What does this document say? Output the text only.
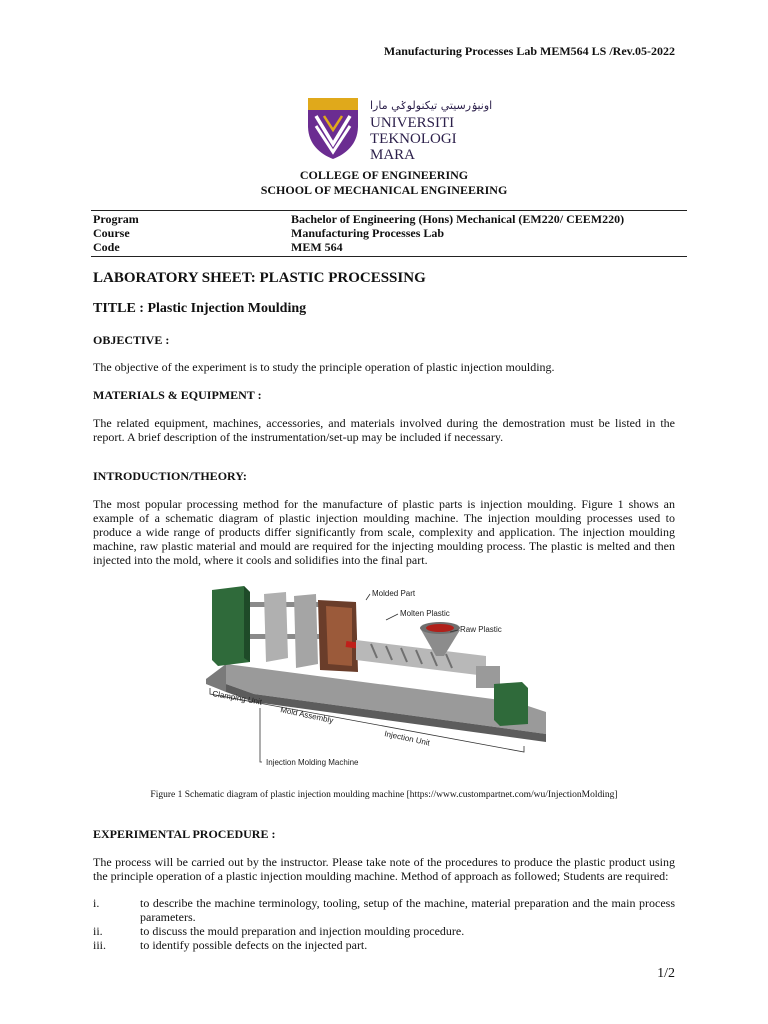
Manufacturing Processes Lab MEM564 LS /Rev.05-2022
اونيۏرسيتي تيكنولوݢي مارا
UNIVERSITI
TEKNOLOGI
MARA
COLLEGE OF ENGINEERING
SCHOOL OF MECHANICAL ENGINEERING
Program	Bachelor of Engineering (Hons) Mechanical (EM220/ CEEM220)
Course	Manufacturing Processes Lab
Code	MEM 564
LABORATORY SHEET: PLASTIC PROCESSING
TITLE : Plastic Injection Moulding
OBJECTIVE :
The objective of the experiment is to study the principle operation of plastic injection moulding.
MATERIALS & EQUIPMENT :
The related equipment, machines, accessories, and materials involved during the demostration must be listed in the report. A brief description of the instrumentation/set-up may be included if necessary.
INTRODUCTION/THEORY:
The most popular processing method for the manufacture of plastic parts is injection moulding. Figure 1 shows an example of a schematic diagram of plastic injection moulding machine. The injection moulding processes used to produce a wide range of products differ significantly from scale, complexity and application. The injection moulding machine, raw plastic material and mould are required for the injecting moulding process. The plastic is melted and then injected into the mold, where it cools and solidifies into the final part.
Molded Part
Molten Plastic
Raw Plastic
Clamping Unit
Mold Assembly
Injection Unit
Injection Molding Machine
Figure 1 Schematic diagram of plastic injection moulding machine [https://www.custompartnet.com/wu/InjectionMolding]
EXPERIMENTAL PROCEDURE :
The process will be carried out by the instructor. Please take note of the procedures to produce the plastic product using the principle operation of a plastic injection moulding machine. Method of approach as followed; Students are required:
i.	to describe the machine terminology, tooling, setup of the machine, material preparation and the main process parameters.
ii.	to discuss the mould preparation and injection moulding procedure.
iii.	to identify possible defects on the injected part.
1/2
